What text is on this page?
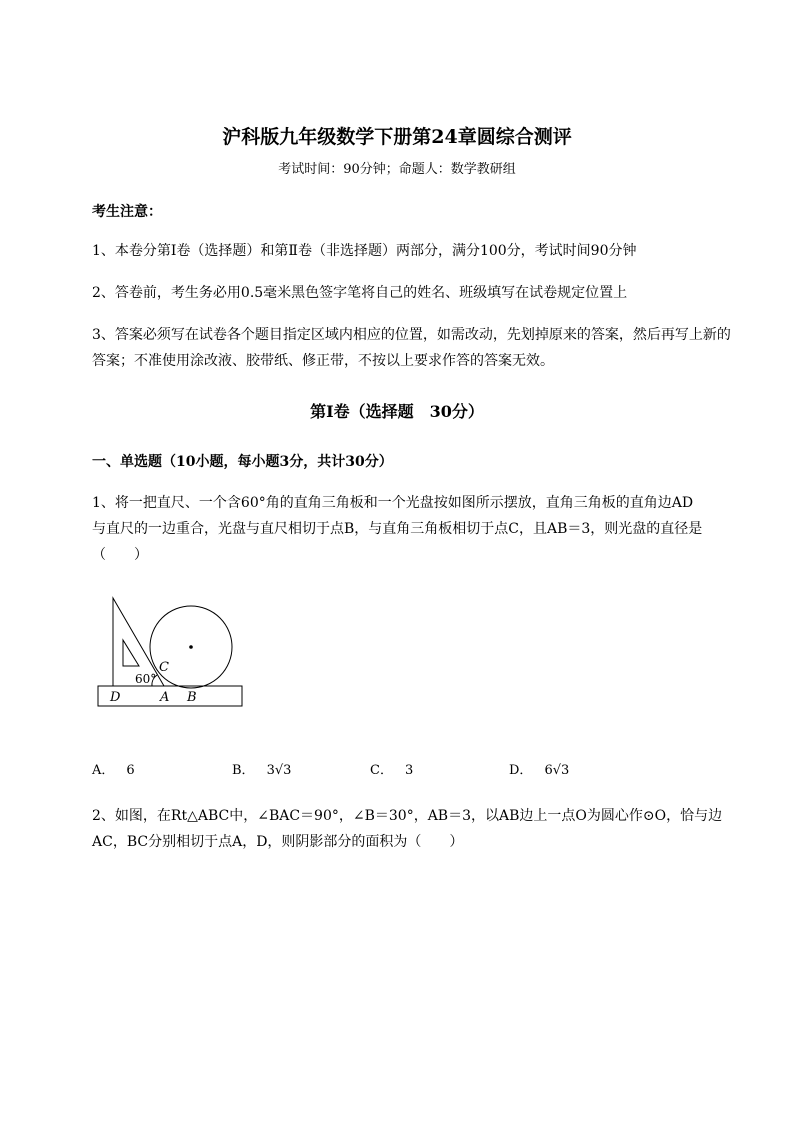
沪科版九年级数学下册第24章圆综合测评
考试时间：90分钟；命题人：数学教研组
考生注意：
1、本卷分第I卷（选择题）和第Ⅱ卷（非选择题）两部分，满分100分，考试时间90分钟
2、答卷前，考生务必用0.5毫米黑色签字笔将自己的姓名、班级填写在试卷规定位置上
3、答案必须写在试卷各个题目指定区域内相应的位置，如需改动，先划掉原来的答案，然后再写上新的答案；不准使用涂改液、胶带纸、修正带，不按以上要求作答的答案无效。
第I卷（选择题　30分）
一、单选题（10小题，每小题3分，共计30分）
1、将一把直尺、一个含60°角的直角三角板和一个光盘按如图所示摆放，直角三角板的直角边AD
与直尺的一边重合，光盘与直尺相切于点B，与直角三角板相切于点C，且AB＝3，则光盘的直径是
（　　）
C
60°
D	A B
A． 6	B． 3√3	C． 3	D． 6√3
2、如图，在Rt△ABC中，∠BAC＝90°，∠B＝30°，AB＝3，以AB边上一点O为圆心作⊙O，恰与边
AC，BC分别相切于点A，D，则阴影部分的面积为（　　）
